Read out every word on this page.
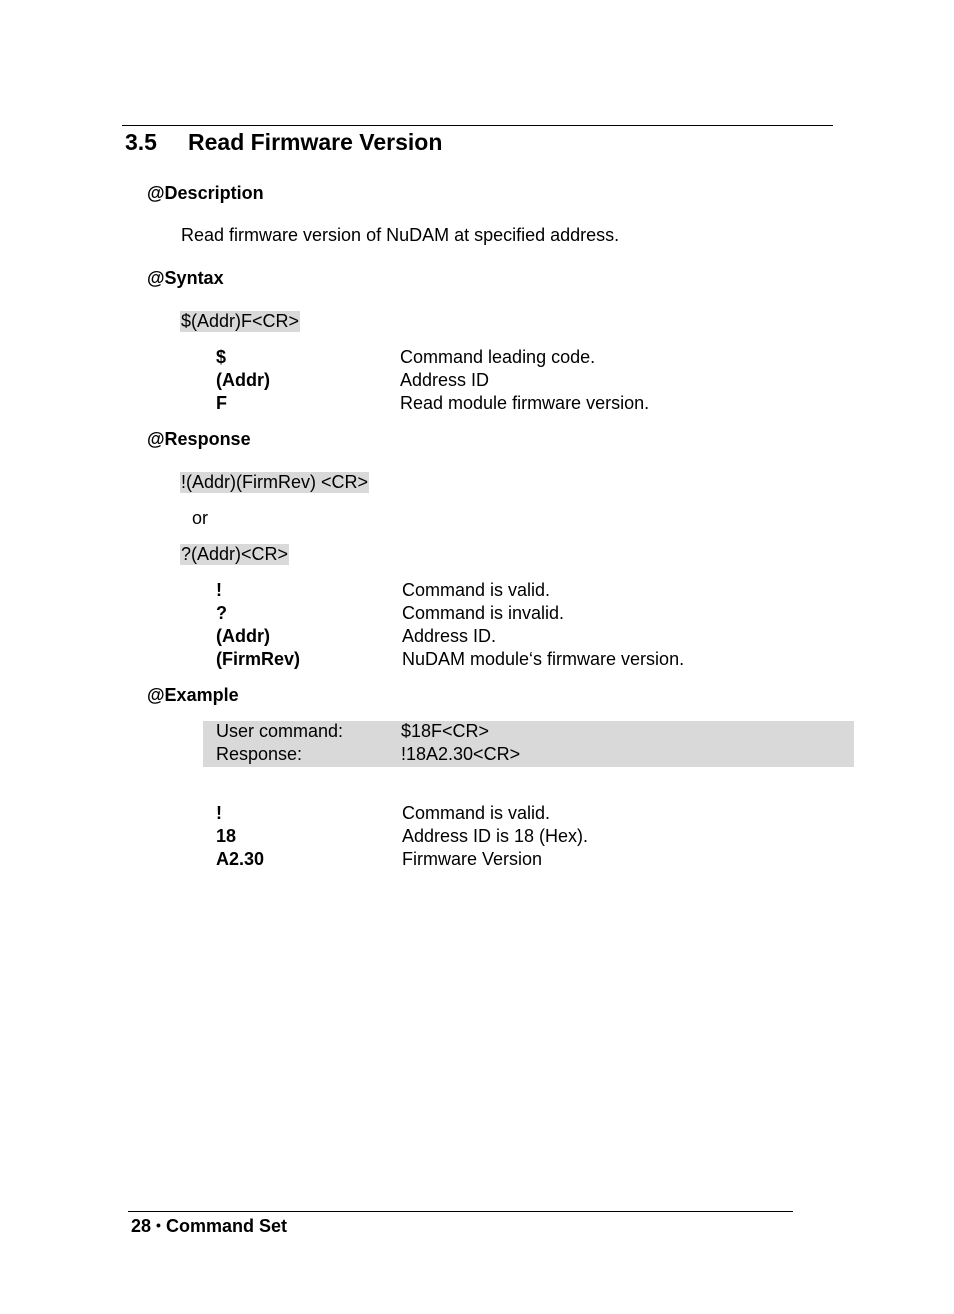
3.5 Read Firmware Version
@Description
Read firmware version of NuDAM at specified address.
@Syntax
$(Addr)F<CR>
$	Command leading code.
(Addr)	Address ID
F	Read module firmware version.
@Response
!(Addr)(FirmRev) <CR>
or
?(Addr)<CR>
!	Command is valid.
?	Command is invalid.
(Addr)	Address ID.
(FirmRev)	NuDAM module‘s firmware version.
@Example
User command:	$18F<CR>
Response:	!18A2.30<CR>
!	Command is valid.
18	Address ID is 18 (Hex).
A2.30	Firmware Version
28 • Command Set
